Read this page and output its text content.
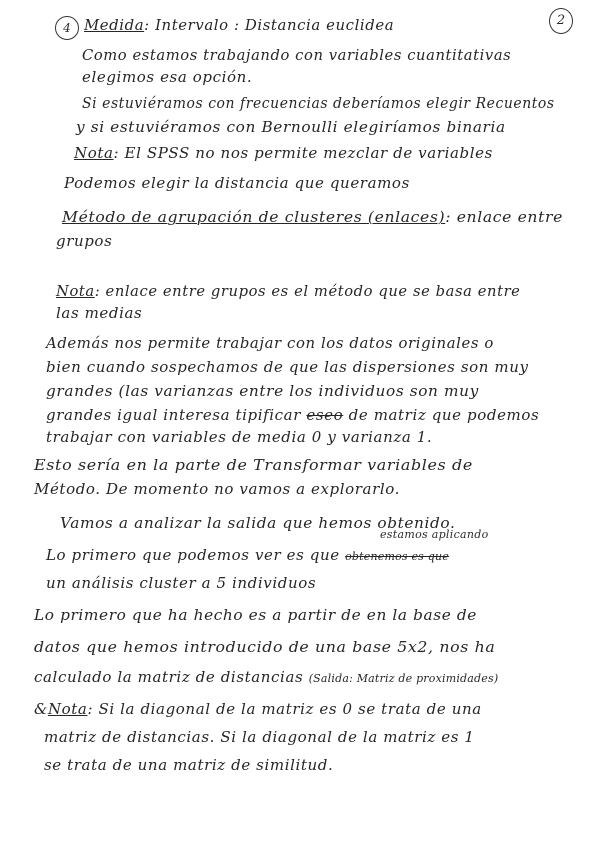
4	2
Medida: Intervalo : Distancia euclidea
Como estamos trabajando con variables cuantitativas
elegimos esa opción.
Si estuviéramos con frecuencias deberíamos elegir Recuentos
y si estuviéramos con Bernoulli elegiríamos binaria
Nota: El SPSS no nos permite mezclar de variables
Podemos elegir la distancia que queramos
Método de agrupación de clusteres (enlaces): enlace entre
grupos
Nota: enlace entre grupos es el método que se basa entre
las medias
Además nos permite trabajar con los datos originales o
bien cuando sospechamos de que las dispersiones son muy
grandes (las varianzas entre los individuos son muy
grandes igual interesa tipificar eseo de matriz que podemos
trabajar con variables de media 0 y varianza 1.
Esto sería en la parte de Transformar variables de
Método. De momento no vamos a explorarlo.
Vamos a analizar la salida que hemos obtenido.
estamos aplicando
Lo primero que podemos ver es que obtenemos es que
un análisis cluster a 5 individuos
Lo primero que ha hecho es a partir de en la base de
datos que hemos introducido de una base 5x2, nos ha
calculado la matriz de distancias (Salida: Matriz de proximidades)
&Nota: Si la diagonal de la matriz es 0 se trata de una
matriz de distancias. Si la diagonal de la matriz es 1
se trata de una matriz de similitud.
